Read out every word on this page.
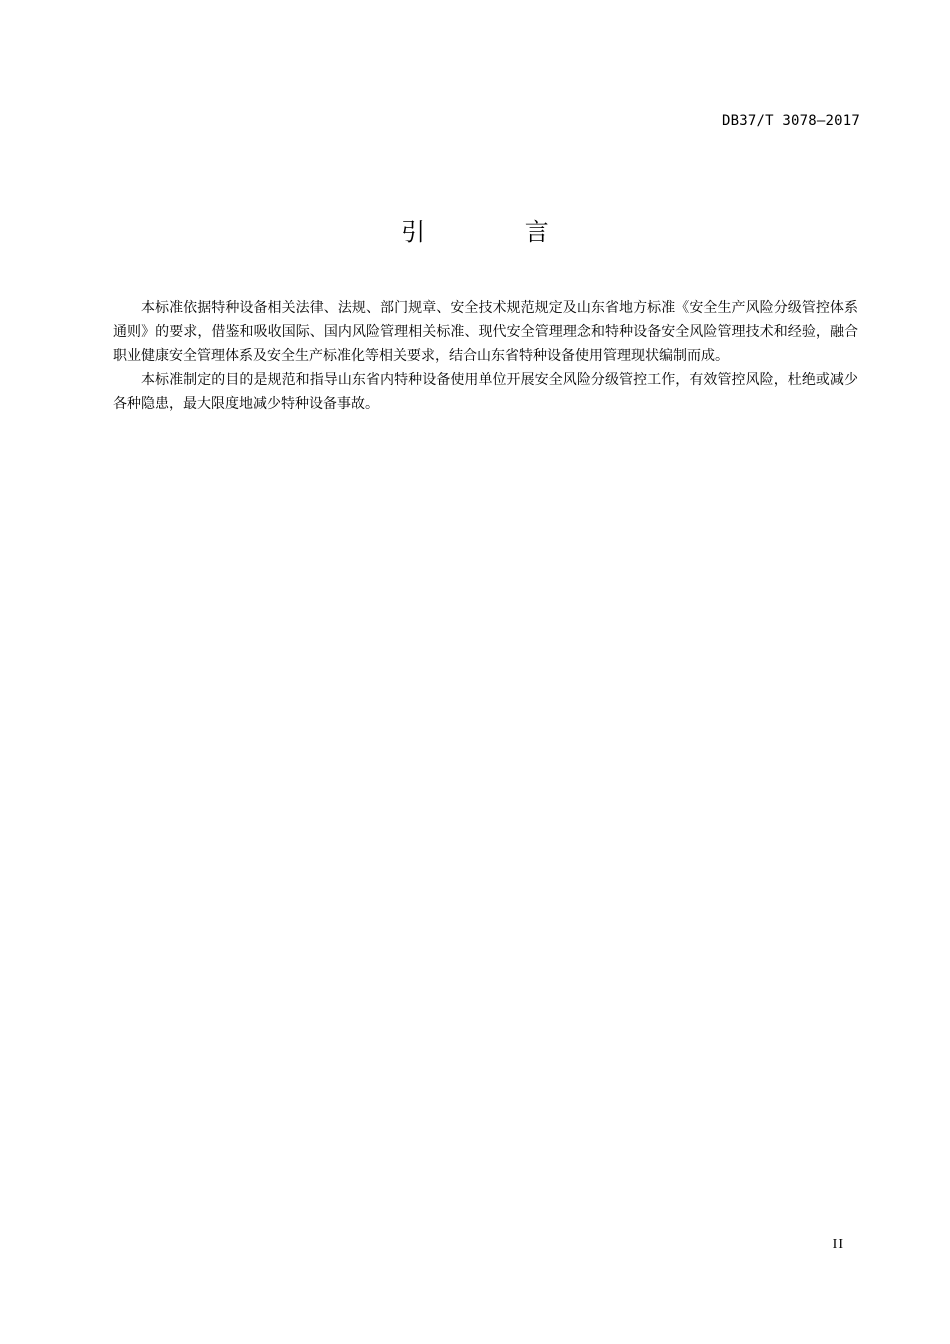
DB37/T 3078—2017
引 言

本标准依据特种设备相关法律、法规、部门规章、安全技术规范规定及山东省地方标准《安全生产风险分级管控体系通则》的要求，借鉴和吸收国际、国内风险管理相关标准、现代安全管理理念和特种设备安全风险管理技术和经验，融合职业健康安全管理体系及安全生产标准化等相关要求，结合山东省特种设备使用管理现状编制而成。

本标准制定的目的是规范和指导山东省内特种设备使用单位开展安全风险分级管控工作，有效管控风险，杜绝或减少各种隐患，最大限度地减少特种设备事故。

II
